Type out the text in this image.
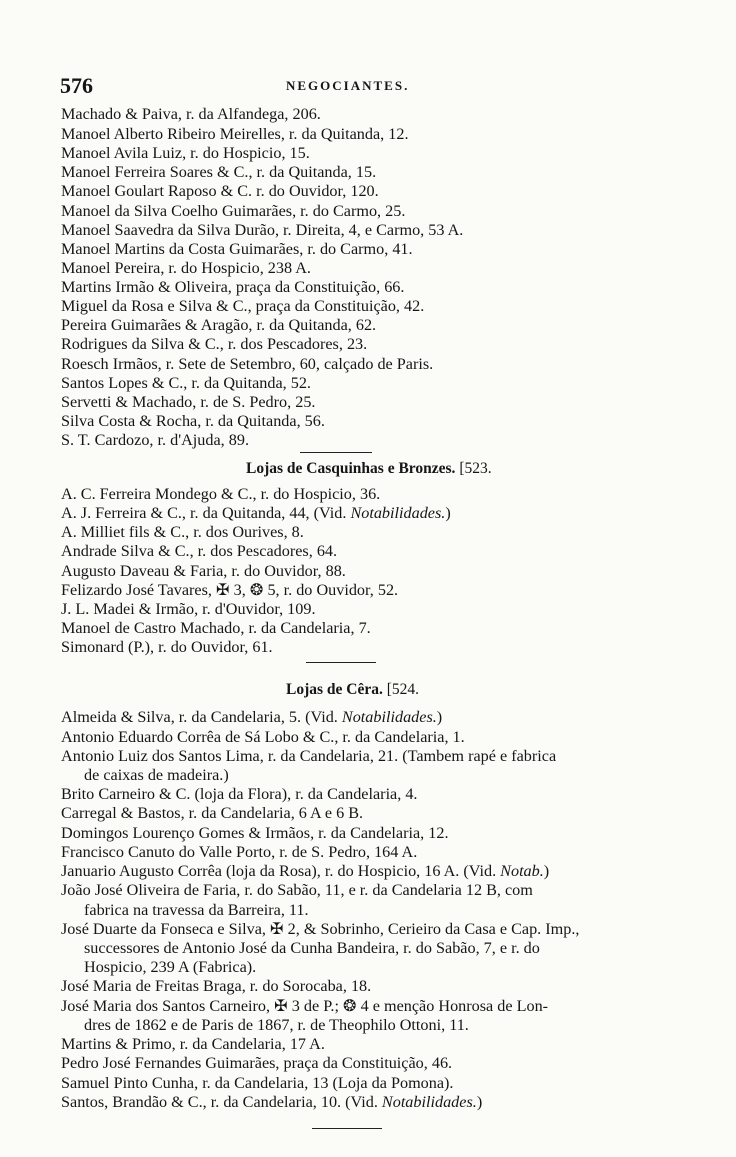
576	NEGOCIANTES.
Machado & Paiva, r. da Alfandega, 206.
Manoel Alberto Ribeiro Meirelles, r. da Quitanda, 12.
Manoel Avila Luiz, r. do Hospicio, 15.
Manoel Ferreira Soares & C., r. da Quitanda, 15.
Manoel Goulart Raposo & C. r. do Ouvidor, 120.
Manoel da Silva Coelho Guimarães, r. do Carmo, 25.
Manoel Saavedra da Silva Durão, r. Direita, 4, e Carmo, 53 A.
Manoel Martins da Costa Guimarães, r. do Carmo, 41.
Manoel Pereira, r. do Hospicio, 238 A.
Martins Irmão & Oliveira, praça da Constituição, 66.
Miguel da Rosa e Silva & C., praça da Constituição, 42.
Pereira Guimarães & Aragão, r. da Quitanda, 62.
Rodrigues da Silva & C., r. dos Pescadores, 23.
Roesch Irmãos, r. Sete de Setembro, 60, calçado de Paris.
Santos Lopes & C., r. da Quitanda, 52.
Servetti & Machado, r. de S. Pedro, 25.
Silva Costa & Rocha, r. da Quitanda, 56.
S. T. Cardozo, r. d'Ajuda, 89.
Lojas de Casquinhas e Bronzes. [523.
A. C. Ferreira Mondego & C., r. do Hospicio, 36.
A. J. Ferreira & C., r. da Quitanda, 44, (Vid. Notabilidades.)
A. Milliet fils & C., r. dos Ourives, 8.
Andrade Silva & C., r. dos Pescadores, 64.
Augusto Daveau & Faria, r. do Ouvidor, 88.
Felizardo José Tavares, ✠ 3, ❂ 5, r. do Ouvidor, 52.
J. L. Madei & Irmão, r. d'Ouvidor, 109.
Manoel de Castro Machado, r. da Candelaria, 7.
Simonard (P.), r. do Ouvidor, 61.
Lojas de Cêra. [524.
Almeida & Silva, r. da Candelaria, 5. (Vid. Notabilidades.)
Antonio Eduardo Corrêa de Sá Lobo & C., r. da Candelaria, 1.
Antonio Luiz dos Santos Lima, r. da Candelaria, 21. (Tambem rapé e fabrica
de caixas de madeira.)
Brito Carneiro & C. (loja da Flora), r. da Candelaria, 4.
Carregal & Bastos, r. da Candelaria, 6 A e 6 B.
Domingos Lourenço Gomes & Irmãos, r. da Candelaria, 12.
Francisco Canuto do Valle Porto, r. de S. Pedro, 164 A.
Januario Augusto Corrêa (loja da Rosa), r. do Hospicio, 16 A. (Vid. Notab.)
João José Oliveira de Faria, r. do Sabão, 11, e r. da Candelaria 12 B, com
fabrica na travessa da Barreira, 11.
José Duarte da Fonseca e Silva, ✠ 2, & Sobrinho, Cerieiro da Casa e Cap. Imp.,
successores de Antonio José da Cunha Bandeira, r. do Sabão, 7, e r. do
Hospicio, 239 A (Fabrica).
José Maria de Freitas Braga, r. do Sorocaba, 18.
José Maria dos Santos Carneiro, ✠ 3 de P.; ❂ 4 e menção Honrosa de Lon-
dres de 1862 e de Paris de 1867, r. de Theophilo Ottoni, 11.
Martins & Primo, r. da Candelaria, 17 A.
Pedro José Fernandes Guimarães, praça da Constituição, 46.
Samuel Pinto Cunha, r. da Candelaria, 13 (Loja da Pomona).
Santos, Brandão & C., r. da Candelaria, 10. (Vid. Notabilidades.)
